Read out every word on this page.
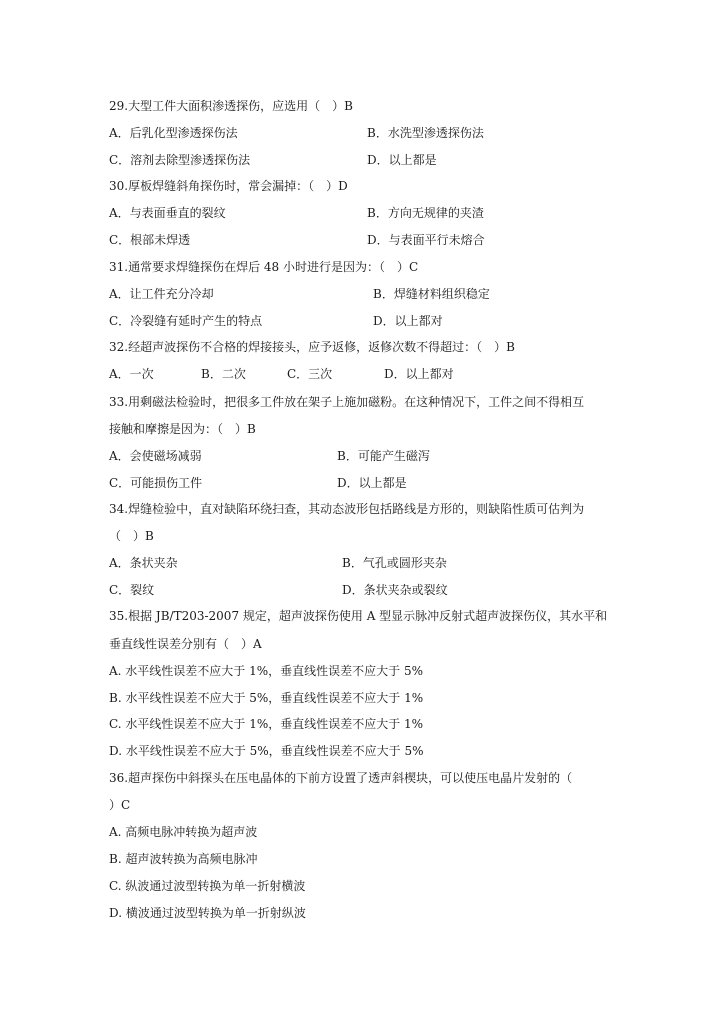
29.大型工件大面积渗透探伤，应选用（　）B
A．后乳化型渗透探伤法	B．水洗型渗透探伤法
C．溶剂去除型渗透探伤法	D．以上都是
30.厚板焊缝斜角探伤时，常会漏掉：（　）D
A．与表面垂直的裂纹	B．方向无规律的夹渣
C．根部未焊透	D．与表面平行未熔合
31.通常要求焊缝探伤在焊后 48 小时进行是因为：（　）C
A．让工件充分冷却	B．焊缝材料组织稳定
C．冷裂缝有延时产生的特点	D．以上都对
32.经超声波探伤不合格的焊接接头，应予返修，返修次数不得超过：（　）B
A．一次	B．二次	C．三次	D．以上都对
33.用剩磁法检验时，把很多工件放在架子上施加磁粉。在这种情况下，工件之间不得相互
接触和摩擦是因为：（　）B
A．会使磁场减弱	B．可能产生磁泻
C．可能损伤工件	D．以上都是
34.焊缝检验中，直对缺陷环绕扫查，其动态波形包括路线是方形的，则缺陷性质可估判为
（　）B
A．条状夹杂	B．气孔或圆形夹杂
C．裂纹	D．条状夹杂或裂纹
35.根据 JB/T203-2007 规定，超声波探伤使用 A 型显示脉冲反射式超声波探伤仪，其水平和
垂直线性误差分别有（　）A
A. 水平线性误差不应大于 1%，垂直线性误差不应大于 5%
B. 水平线性误差不应大于 5%，垂直线性误差不应大于 1%
C. 水平线性误差不应大于 1%，垂直线性误差不应大于 1%
D. 水平线性误差不应大于 5%，垂直线性误差不应大于 5%
36.超声探伤中斜探头在压电晶体的下前方设置了透声斜楔块，可以使压电晶片发射的（
）C
A. 高频电脉冲转换为超声波
B. 超声波转换为高频电脉冲
C. 纵波通过波型转换为单一折射横波
D. 横波通过波型转换为单一折射纵波
